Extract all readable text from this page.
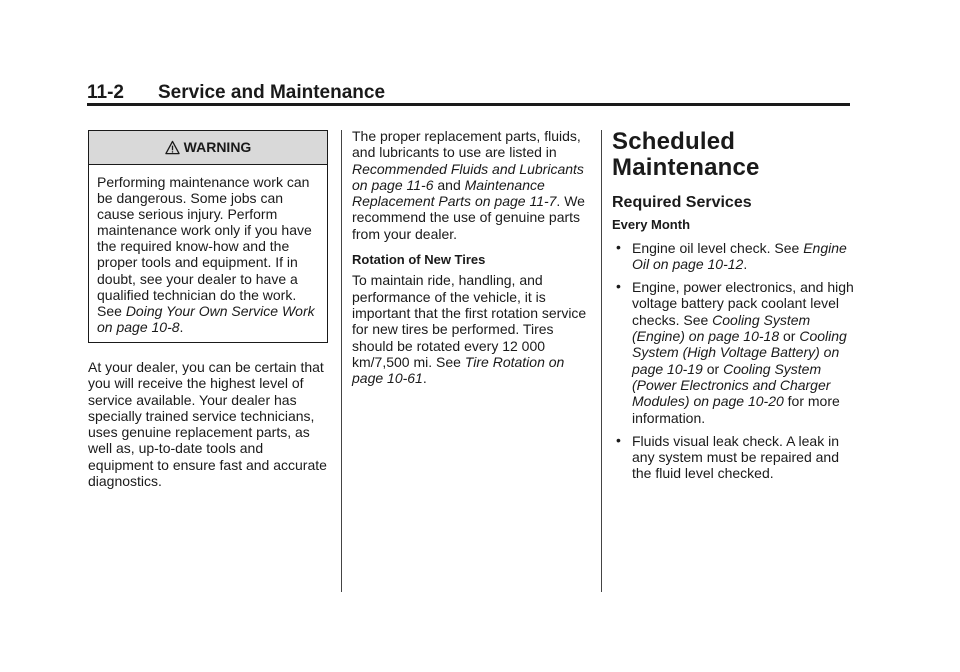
11-2 Service and Maintenance
WARNING
Performing maintenance work can be dangerous. Some jobs can cause serious injury. Perform maintenance work only if you have the required know-how and the proper tools and equipment. If in doubt, see your dealer to have a qualified technician do the work. See Doing Your Own Service Work on page 10-8.

At your dealer, you can be certain that you will receive the highest level of service available. Your dealer has specially trained service technicians, uses genuine replacement parts, as well as, up-to-date tools and equipment to ensure fast and accurate diagnostics.

The proper replacement parts, fluids, and lubricants to use are listed in Recommended Fluids and Lubricants on page 11-6 and Maintenance Replacement Parts on page 11-7. We recommend the use of genuine parts from your dealer.

Rotation of New Tires

To maintain ride, handling, and performance of the vehicle, it is important that the first rotation service for new tires be performed. Tires should be rotated every 12 000 km/7,500 mi. See Tire Rotation on page 10-61.

Scheduled
Maintenance
Required Services
Every Month
• Engine oil level check. See Engine Oil on page 10-12.
• Engine, power electronics, and high voltage battery pack coolant level checks. See Cooling System (Engine) on page 10-18 or Cooling System (High Voltage Battery) on page 10-19 or Cooling System (Power Electronics and Charger Modules) on page 10-20 for more information.
• Fluids visual leak check. A leak in any system must be repaired and the fluid level checked.
